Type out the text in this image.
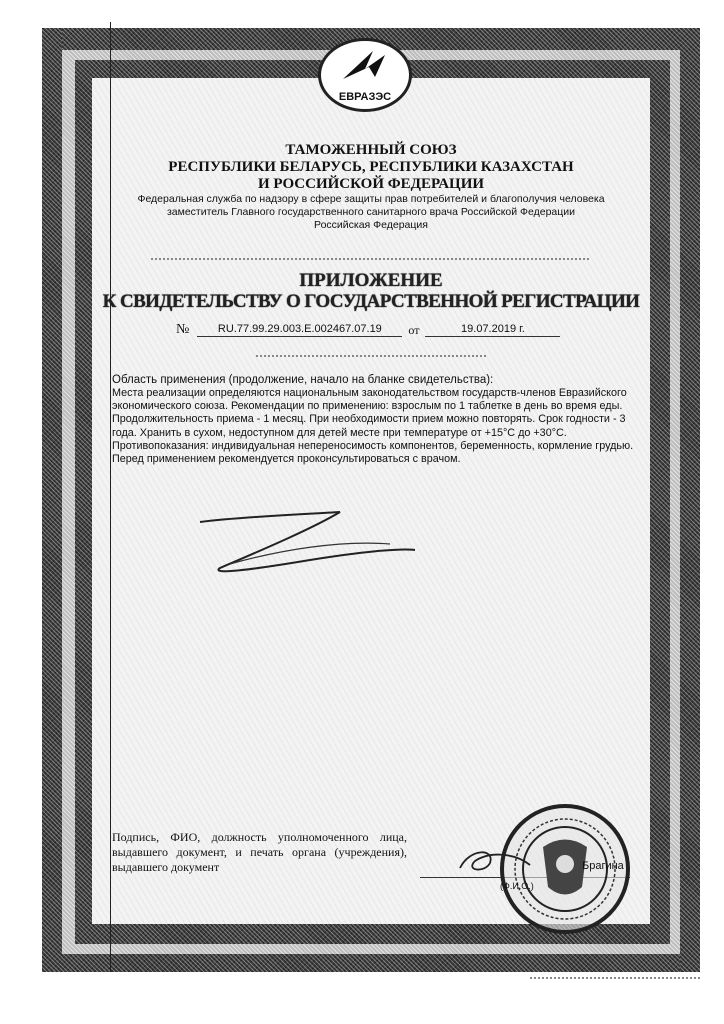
ЕВРАЗЭС
ТАМОЖЕННЫЙ СОЮЗ
РЕСПУБЛИКИ БЕЛАРУСЬ, РЕСПУБЛИКИ КАЗАХСТАН
И РОССИЙСКОЙ ФЕДЕРАЦИИ
Федеральная служба по надзору в сфере защиты прав потребителей и благополучия человека
заместитель Главного государственного санитарного врача Российской Федерации
Российская Федерация
ПРИЛОЖЕНИЕ
К СВИДЕТЕЛЬСТВУ О ГОСУДАРСТВЕННОЙ РЕГИСТРАЦИИ
№	RU.77.99.29.003.E.002467.07.19	от	19.07.2019 г.
Область применения (продолжение, начало на бланке свидетельства):
Места реализации определяются национальным законодательством государств-членов Евразийского экономического союза. Рекомендации по применению: взрослым по 1 таблетке в день во время еды. Продолжительность приема - 1 месяц. При необходимости прием можно повторять. Срок годности - 3 года. Хранить в сухом, недоступном для детей месте при температуре от +15°C до +30°C. Противопоказания: индивидуальная непереносимость компонентов, беременность, кормление грудью. Перед применением рекомендуется проконсультироваться с врачом.
Подпись, ФИО, должность уполномоченного лица, выдавшего документ, и печать органа (учреждения), выдавшего документ	Брагина
(Ф.И.О.)
